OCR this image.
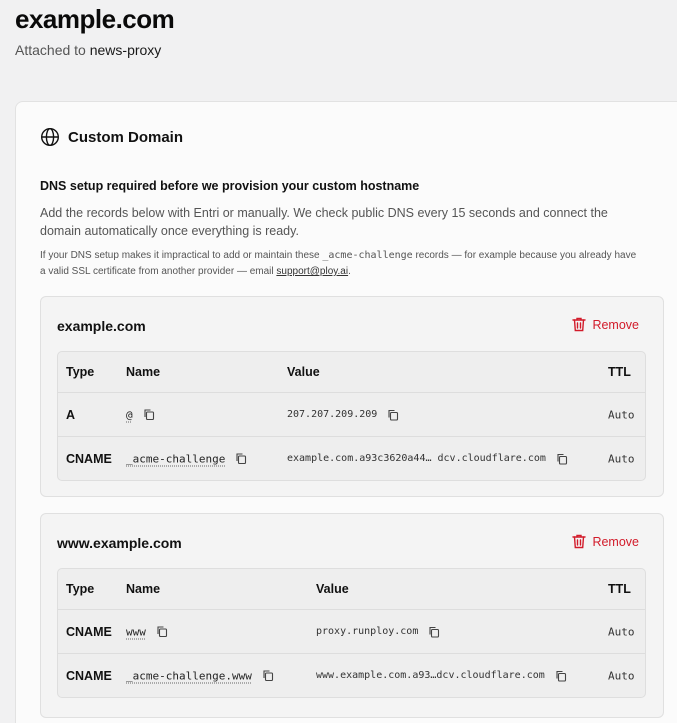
example.com
Attached to news-proxy
Custom Domain
DNS setup required before we provision your custom hostname
Add the records below with Entri or manually. We check public DNS every 15 seconds and connect the domain automatically once everything is ready.
If your DNS setup makes it impractical to add or maintain these _acme-challenge records — for example because you already have a valid SSL certificate from another provider — email support@ploy.ai.
example.com	Remove
Type	Name	Value	TTL
A	@	207.207.209.209	Auto
CNAME _acme-challenge	example.com.a93c3620a44… dcv.cloudflare.com	Auto
www.example.com	Remove
Type	Name	Value	TTL
CNAME www	proxy.runploy.com	Auto
CNAME _acme-challenge.www	www.example.com.a93…dcv.cloudflare.com	Auto
